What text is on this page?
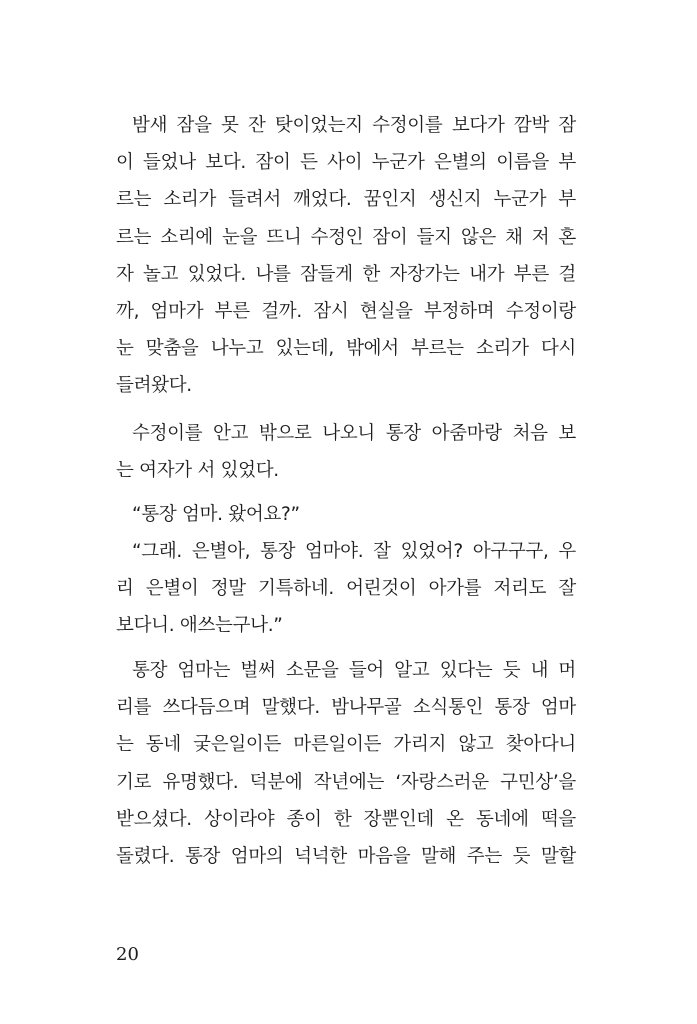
밤새 잠을 못 잔 탓이었는지 수정이를 보다가 깜박 잠
이 들었나 보다. 잠이 든 사이 누군가 은별의 이름을 부
르는 소리가 들려서 깨었다. 꿈인지 생신지 누군가 부
르는 소리에 눈을 뜨니 수정인 잠이 들지 않은 채 저 혼
자 놀고 있었다. 나를 잠들게 한 자장가는 내가 부른 걸
까, 엄마가 부른 걸까. 잠시 현실을 부정하며 수정이랑
눈 맞춤을 나누고 있는데, 밖에서 부르는 소리가 다시
들려왔다.
수정이를 안고 밖으로 나오니 통장 아줌마랑 처음 보
는 여자가 서 있었다.
“통장 엄마. 왔어요?”
“그래. 은별아, 통장 엄마야. 잘 있었어? 아구구구, 우
리 은별이 정말 기특하네. 어린것이 아가를 저리도 잘
보다니. 애쓰는구나.”
통장 엄마는 벌써 소문을 들어 알고 있다는 듯 내 머
리를 쓰다듬으며 말했다. 밤나무골 소식통인 통장 엄마
는 동네 궂은일이든 마른일이든 가리지 않고 찾아다니
기로 유명했다. 덕분에 작년에는 ‘자랑스러운 구민상’을
받으셨다. 상이라야 종이 한 장뿐인데 온 동네에 떡을
돌렸다. 통장 엄마의 넉넉한 마음을 말해 주는 듯 말할
20
